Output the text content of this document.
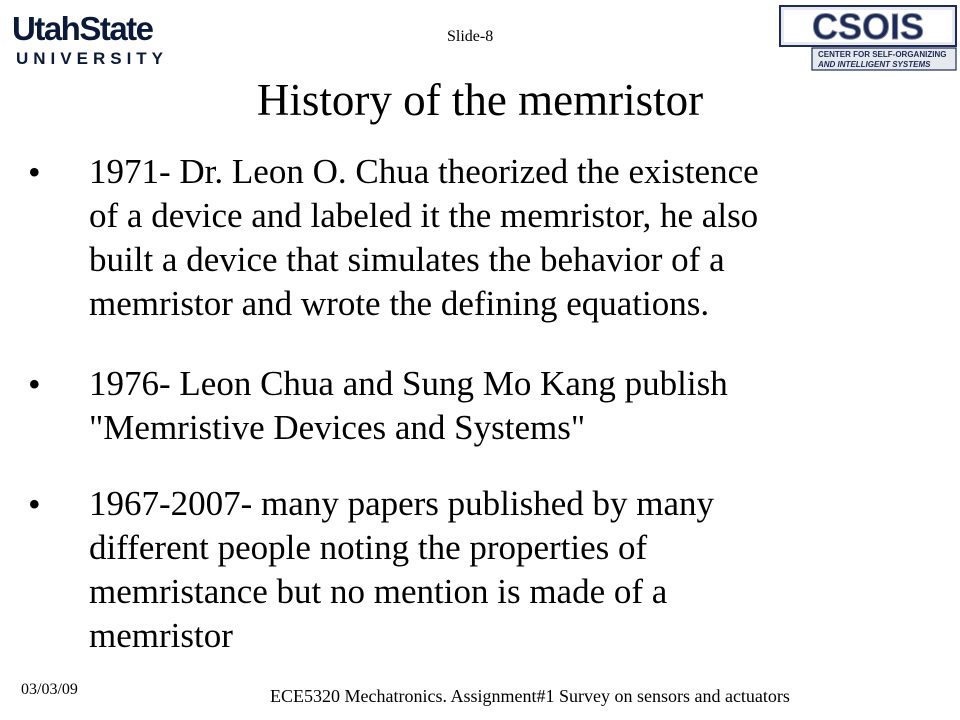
UtahState
UNIVERSITY
CSOIS
CENTER FOR SELF-ORGANIZING
AND INTELLIGENT SYSTEMS
Slide-8
History of the memristor
• 1971- Dr. Leon O. Chua theorized the existence
of a device and labeled it the memristor, he also
built a device that simulates the behavior of a
memristor and wrote the defining equations.
• 1976- Leon Chua and Sung Mo Kang publish
"Memristive Devices and Systems"
• 1967-2007- many papers published by many
different people noting the properties of
memristance but no mention is made of a
memristor
03/03/09	ECE5320 Mechatronics. Assignment#1 Survey on sensors and actuators
